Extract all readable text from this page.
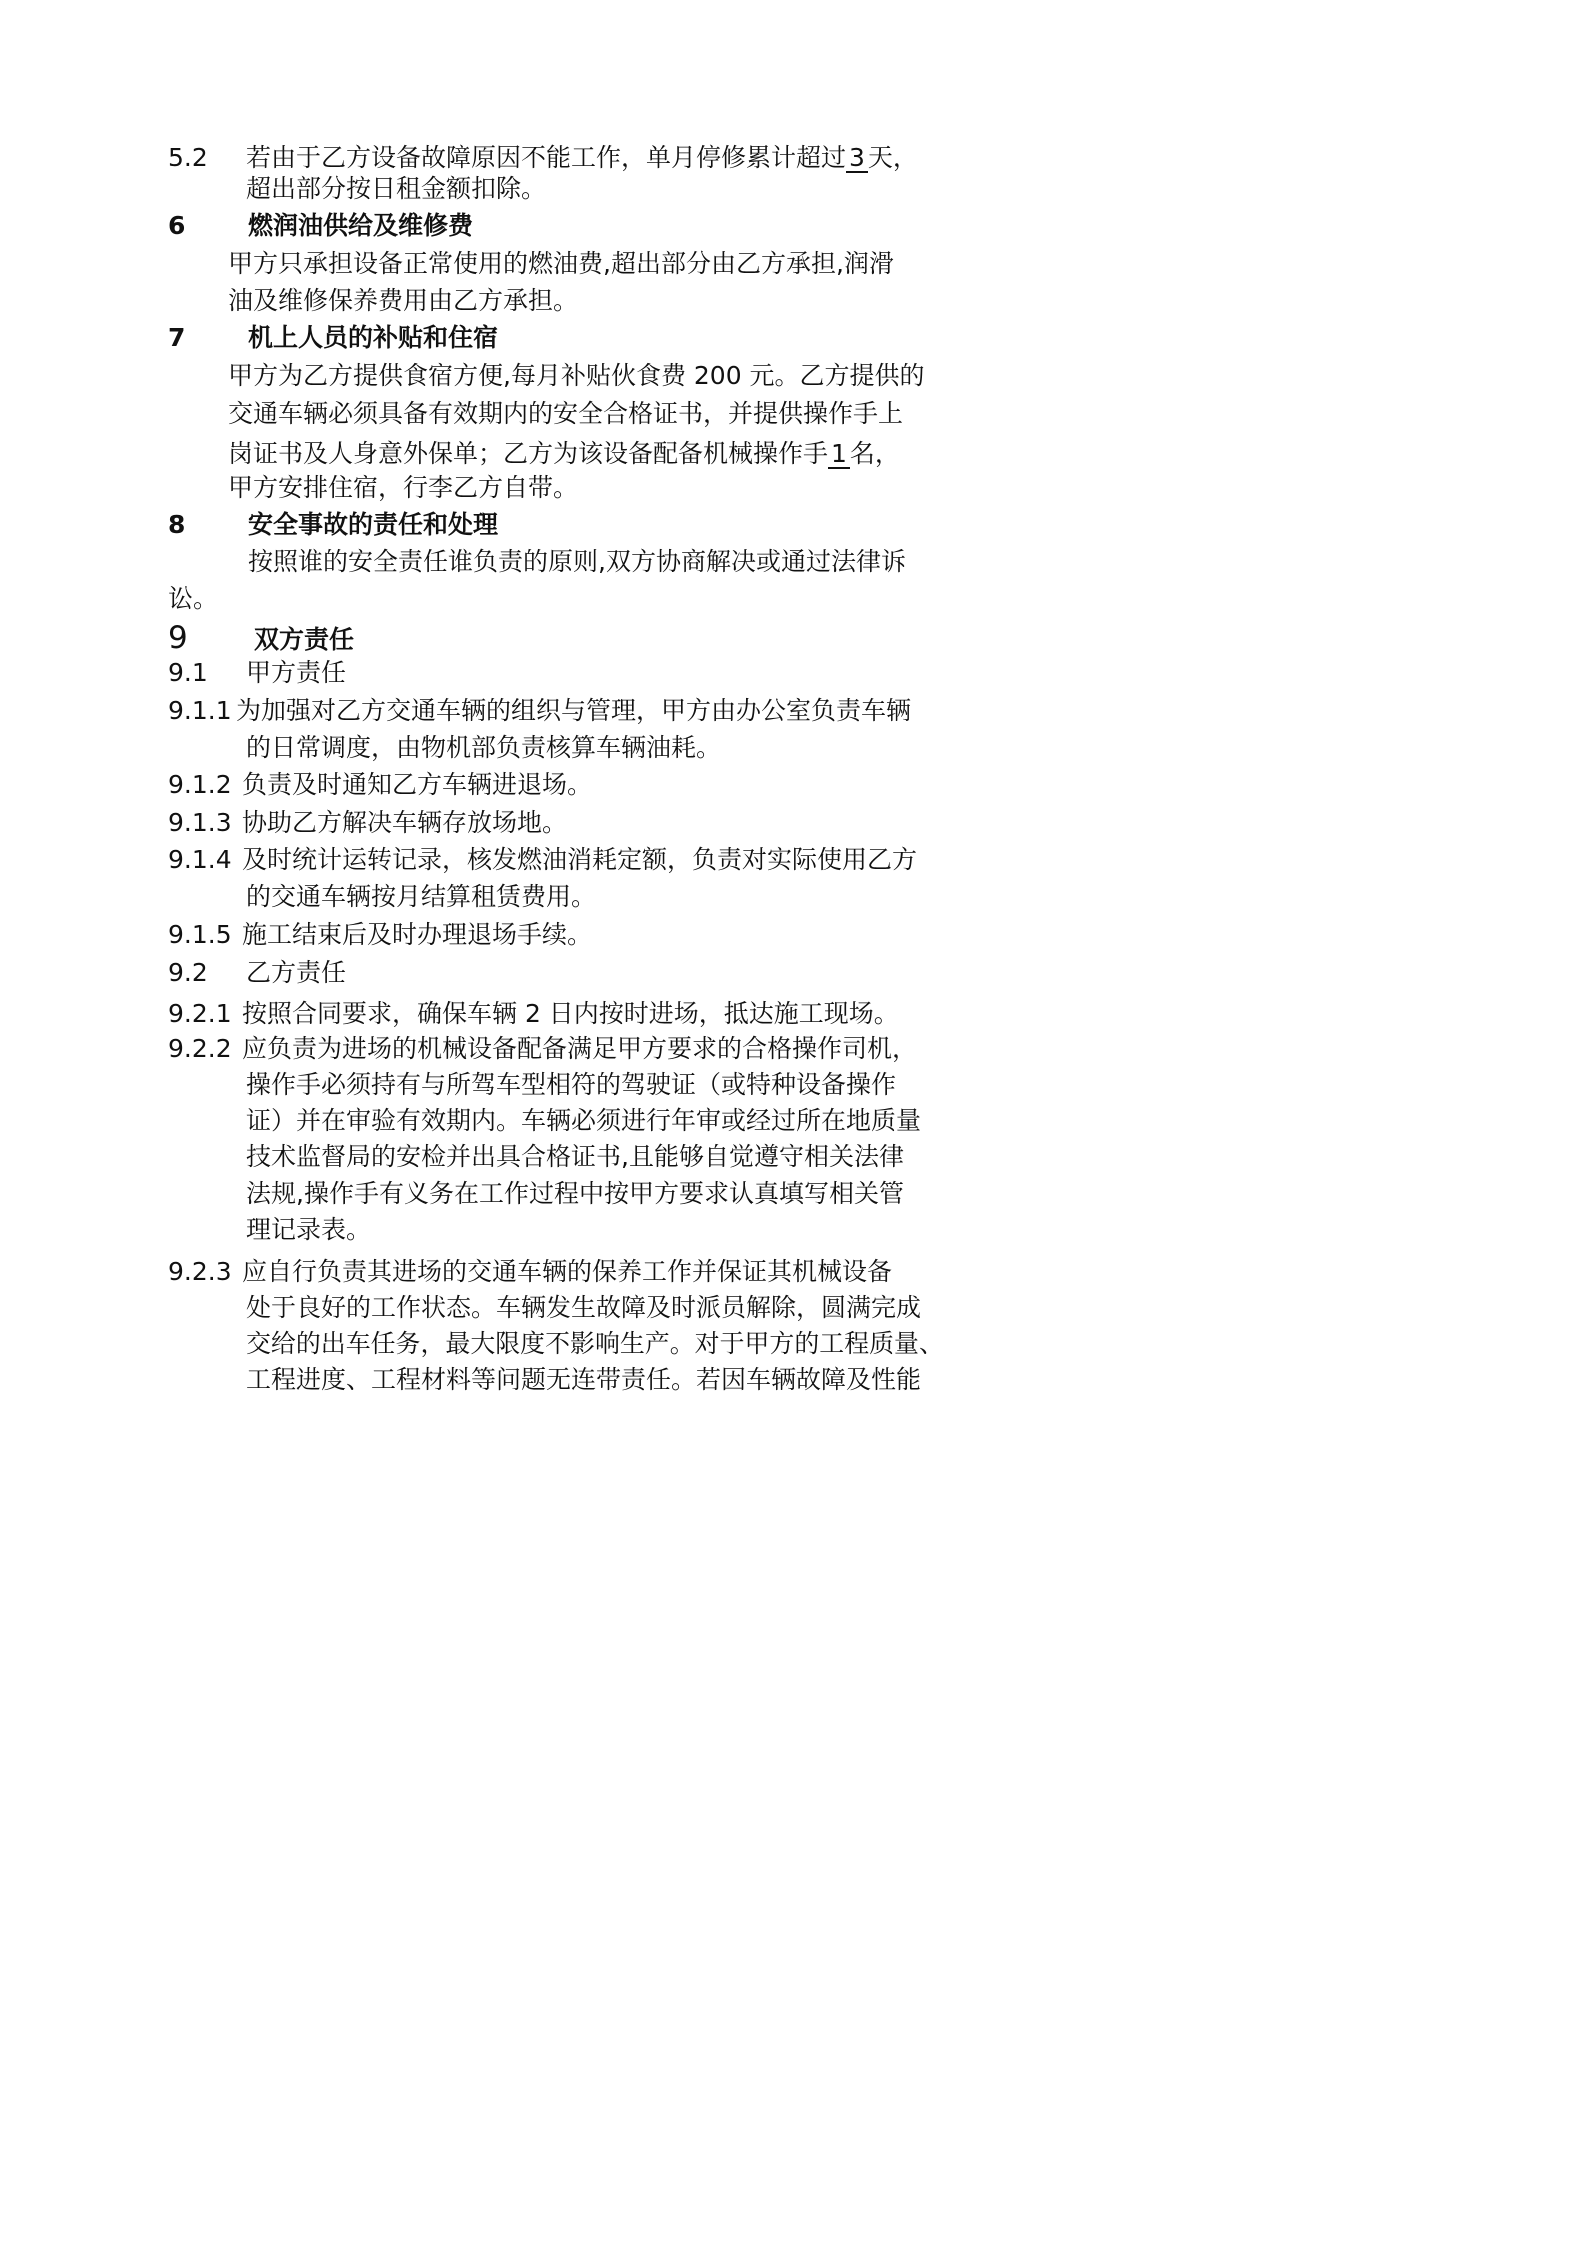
5.2 若由于乙方设备故障原因不能工作，单月停修累计超过 3 天，
超出部分按日租金额扣除。
6	燃润油供给及维修费
甲方只承担设备正常使用的燃油费,超出部分由乙方承担,润滑
油及维修保养费用由乙方承担。
7	机上人员的补贴和住宿
甲方为乙方提供食宿方便,每月补贴伙食费 200 元。乙方提供的
交通车辆必须具备有效期内的安全合格证书，并提供操作手上
岗证书及人身意外保单；乙方为该设备配备机械操作手 1 名，
甲方安排住宿，行李乙方自带。
8	安全事故的责任和处理
按照谁的安全责任谁负责的原则,双方协商解决或通过法律诉
讼。
9	双方责任
9.1 甲方责任
9.1.1 为加强对乙方交通车辆的组织与管理，甲方由办公室负责车辆
的日常调度，由物机部负责核算车辆油耗。
9.1.2 负责及时通知乙方车辆进退场。
9.1.3 协助乙方解决车辆存放场地。
9.1.4 及时统计运转记录，核发燃油消耗定额，负责对实际使用乙方
的交通车辆按月结算租赁费用。
9.1.5 施工结束后及时办理退场手续。
9.2 乙方责任
9.2.1 按照合同要求，确保车辆 2 日内按时进场，抵达施工现场。
9.2.2 应负责为进场的机械设备配备满足甲方要求的合格操作司机，
操作手必须持有与所驾车型相符的驾驶证（或特种设备操作
证）并在审验有效期内。车辆必须进行年审或经过所在地质量
技术监督局的安检并出具合格证书,且能够自觉遵守相关法律
法规,操作手有义务在工作过程中按甲方要求认真填写相关管
理记录表。
9.2.3 应自行负责其进场的交通车辆的保养工作并保证其机械设备
处于良好的工作状态。车辆发生故障及时派员解除，圆满完成
交给的出车任务，最大限度不影响生产。对于甲方的工程质量、
工程进度、工程材料等问题无连带责任。若因车辆故障及性能
